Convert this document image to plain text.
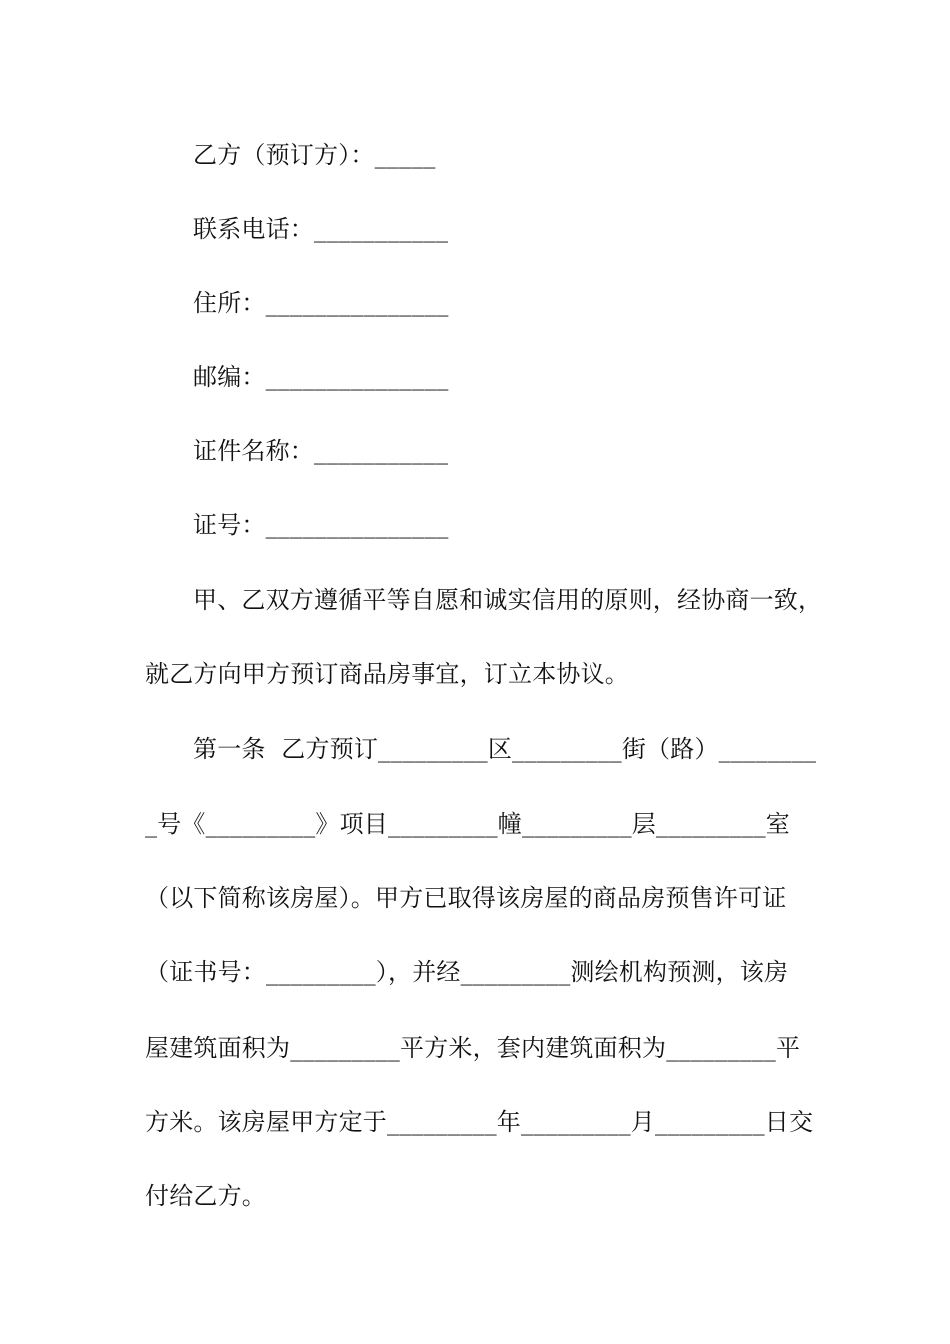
乙方（预订方）：_____
联系电话：___________
住所：_______________
邮编：_______________
证件名称：___________
证号：_______________
甲、乙双方遵循平等自愿和诚实信用的原则，经协商一致，
就乙方向甲方预订商品房事宜，订立本协议。
第一条  乙方预订_________区_________街（路）________
_号《_________》项目_________幢_________层_________室
（以下简称该房屋）。甲方已取得该房屋的商品房预售许可证
（证书号：_________），并经_________测绘机构预测，该房
屋建筑面积为_________平方米，套内建筑面积为_________平
方米。该房屋甲方定于_________年_________月_________日交
付给乙方。
